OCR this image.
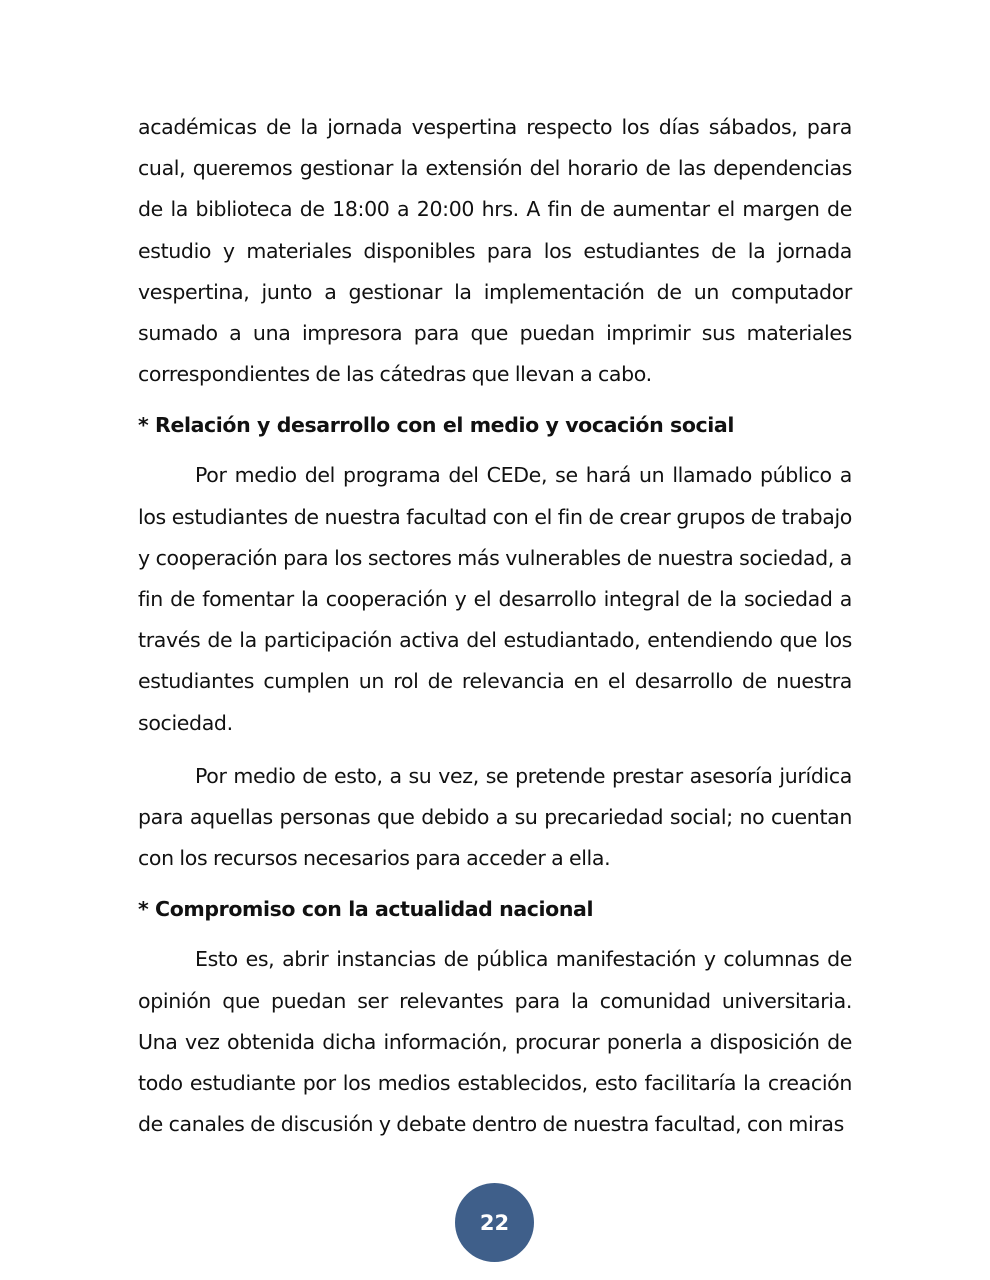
académicas de la jornada vespertina respecto los días sábados, para cual, queremos gestionar la extensión del horario de las dependencias de la biblioteca de 18:00 a 20:00 hrs. A fin de aumentar el margen de estudio y materiales disponibles para los estudiantes de la jornada vespertina, junto a gestionar la implementación de un computador sumado a una impresora para que puedan imprimir sus materiales correspondientes de las cátedras que llevan a cabo.

* Relación y desarrollo con el medio y vocación social

Por medio del programa del CEDe, se hará un llamado público a los estudiantes de nuestra facultad con el fin de crear grupos de trabajo y cooperación para los sectores más vulnerables de nuestra sociedad, a fin de fomentar la cooperación y el desarrollo integral de la sociedad a través de la participación activa del estudiantado, entendiendo que los estudiantes cumplen un rol de relevancia en el desarrollo de nuestra sociedad.

Por medio de esto, a su vez, se pretende prestar asesoría jurídica para aquellas personas que debido a su precariedad social; no cuentan con los recursos necesarios para acceder a ella.

* Compromiso con la actualidad nacional

Esto es, abrir instancias de pública manifestación y columnas de opinión que puedan ser relevantes para la comunidad universitaria. Una vez obtenida dicha información, procurar ponerla a disposición de todo estudiante por los medios establecidos, esto facilitaría la creación de canales de discusión y debate dentro de nuestra facultad, con miras

22
